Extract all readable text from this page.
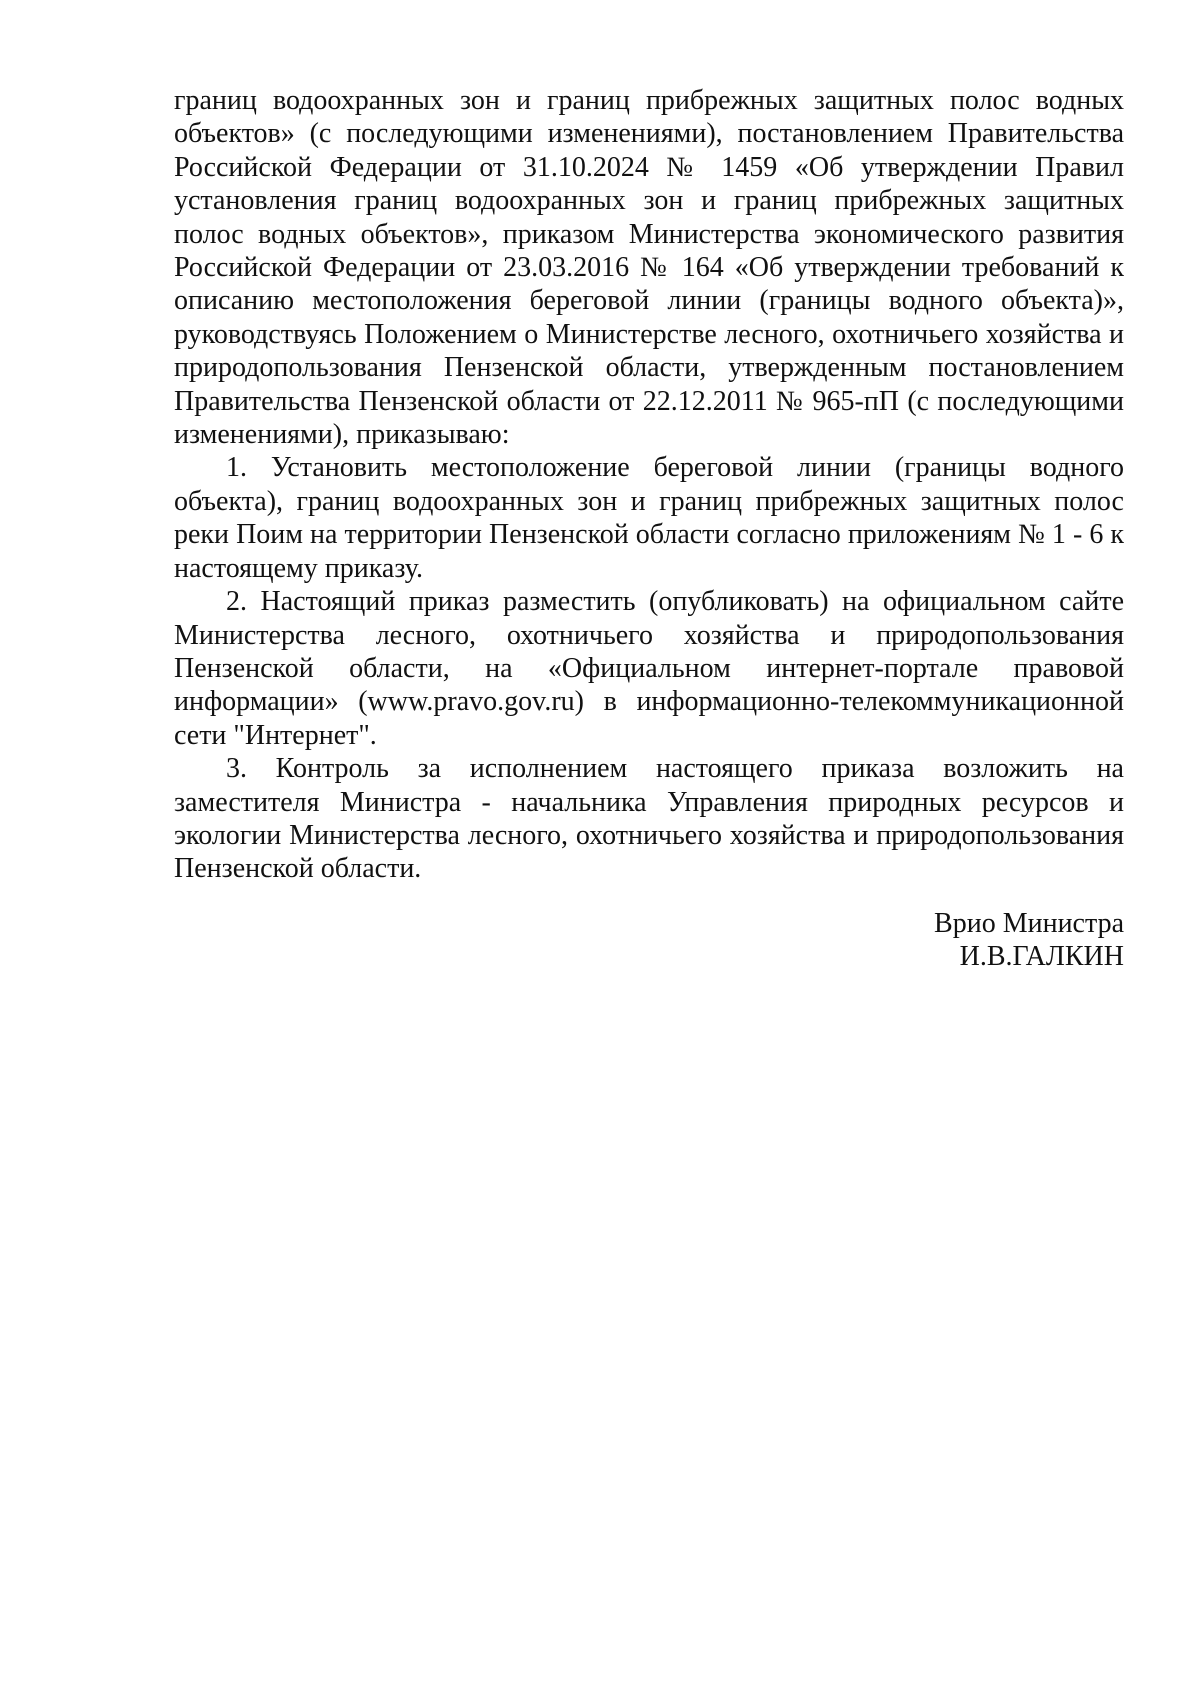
границ водоохранных зон и границ прибрежных защитных полос водных объектов» (с последующими изменениями), постановлением Правительства Российской Федерации от 31.10.2024 № 1459 «Об утверждении Правил установления границ водоохранных зон и границ прибрежных защитных полос водных объектов», приказом Министерства экономического развития Российской Федерации от 23.03.2016 № 164 «Об утверждении требований к описанию местоположения береговой линии (границы водного объекта)», руководствуясь Положением о Министерстве лесного, охотничьего хозяйства и природопользования Пензенской области, утвержденным постановлением Правительства Пензенской области от 22.12.2011 № 965-пП (с последующими изменениями), приказываю:

1. Установить местоположение береговой линии (границы водного объекта), границ водоохранных зон и границ прибрежных защитных полос реки Поим на территории Пензенской области согласно приложениям № 1 - 6 к настоящему приказу.

2. Настоящий приказ разместить (опубликовать) на официальном сайте Министерства лесного, охотничьего хозяйства и природопользования Пензенской области, на «Официальном интернет-портале правовой информации» (www.pravo.gov.ru) в информационно-телекоммуникационной сети "Интернет".

3. Контроль за исполнением настоящего приказа возложить на заместителя Министра - начальника Управления природных ресурсов и экологии Министерства лесного, охотничьего хозяйства и природопользования Пензенской области.

Врио Министра
И.В.ГАЛКИН
